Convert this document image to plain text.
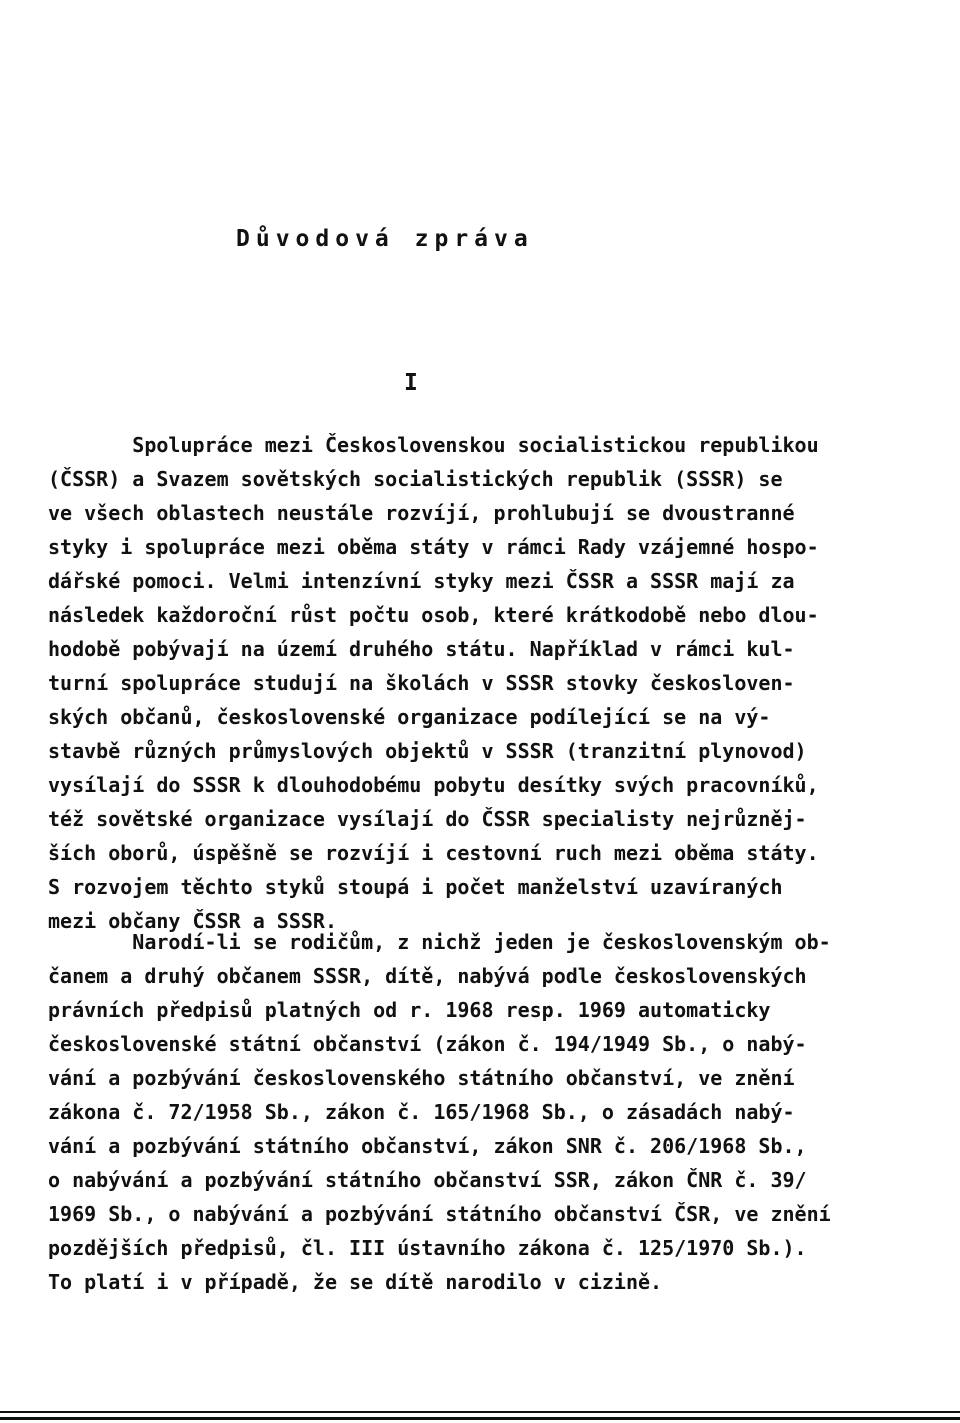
Důvodová zpráva
I
Spolupráce mezi Československou socialistickou republikou
(ČSSR) a Svazem sovětských socialistických republik (SSSR) se
ve všech oblastech neustále rozvíjí, prohlubují se dvoustranné
styky i spolupráce mezi oběma státy v rámci Rady vzájemné hospo-
dářské pomoci. Velmi intenzívní styky mezi ČSSR a SSSR mají za
následek každoroční růst počtu osob, které krátkodobě nebo dlou-
hodobě pobývají na území druhého státu. Například v rámci kul-
turní spolupráce studují na školách v SSSR stovky českosloven-
ských občanů, československé organizace podílející se na vý-
stavbě různých průmyslových objektů v SSSR (tranzitní plynovod)
vysílají do SSSR k dlouhodobému pobytu desítky svých pracovníků,
též sovětské organizace vysílají do ČSSR specialisty nejrůzněj-
ších oborů, úspěšně se rozvíjí i cestovní ruch mezi oběma státy.
S rozvojem těchto styků stoupá i počet manželství uzavíraných
mezi občany ČSSR a SSSR.
Narodí-li se rodičům, z nichž jeden je československým ob-
čanem a druhý občanem SSSR, dítě, nabývá podle československých
právních předpisů platných od r. 1968 resp. 1969 automaticky
československé státní občanství (zákon č. 194/1949 Sb., o nabý-
vání a pozbývání československého státního občanství, ve znění
zákona č. 72/1958 Sb., zákon č. 165/1968 Sb., o zásadách nabý-
vání a pozbývání státního občanství, zákon SNR č. 206/1968 Sb.,
o nabývání a pozbývání státního občanství SSR, zákon ČNR č. 39/
1969 Sb., o nabývání a pozbývání státního občanství ČSR, ve znění
pozdějších předpisů, čl. III ústavního zákona č. 125/1970 Sb.).
To platí i v případě, že se dítě narodilo v cizině.
